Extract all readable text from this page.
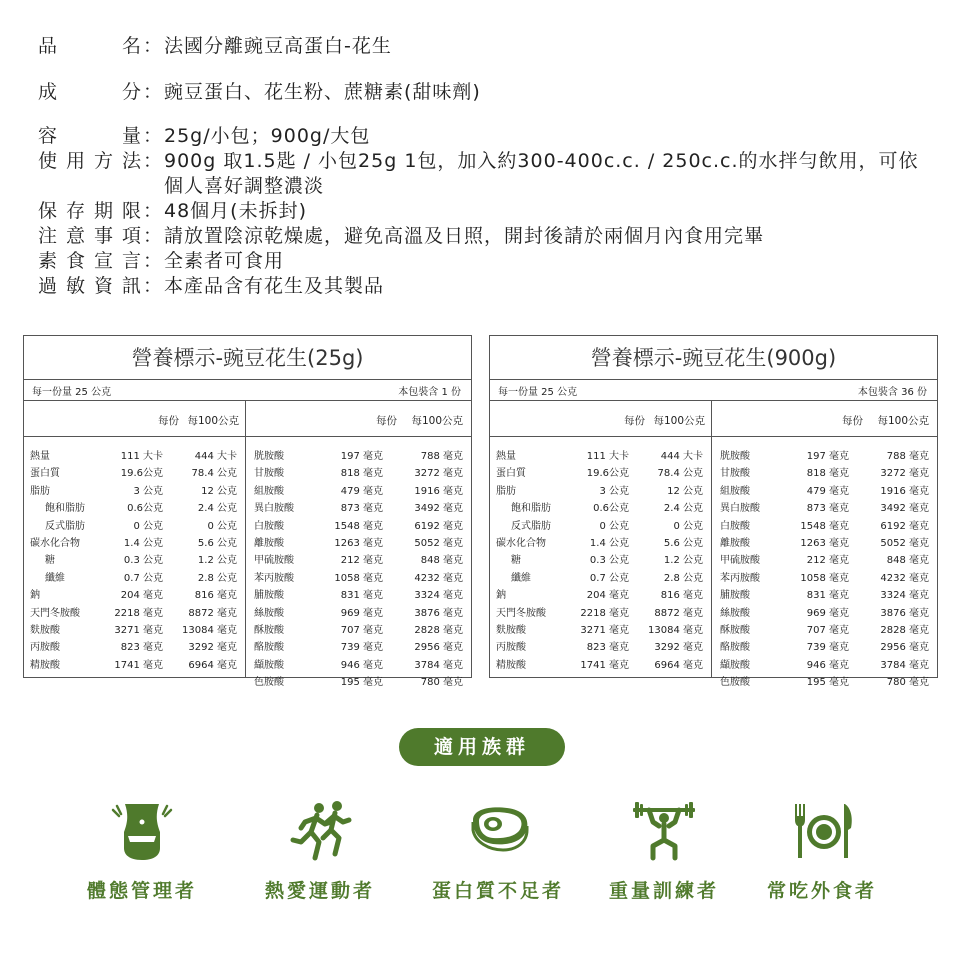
品	名 ： 法國分離豌豆高蛋白-花生
成	分 ： 豌豆蛋白、花生粉、蔗糖素(甜味劑)
容	量 ： 25g/小包；900g/大包
使 用 方 法 ： 900g 取1.5匙 / 小包25g 1包，加入約300-400c.c. / 250c.c.的水拌勻飲用，可依
個人喜好調整濃淡
保 存 期 限 ： 48個月(未拆封)
注 意 事 項 ： 請放置陰涼乾燥處，避免高溫及日照，開封後請於兩個月內食用完畢
素 食 宣 言 ： 全素者可食用
過 敏 資 訊 ： 本產品含有花生及其製品
營養標示-豌豆花生(25g)
每一份量 25 公克	本包裝含 1 份
每份 每100公克
熱量	111 大卡	444 大卡
蛋白質	19.6公克	78.4 公克
脂肪	3 公克	12 公克
飽和脂肪	0.6公克	2.4 公克
反式脂肪	0 公克	0 公克
碳水化合物	1.4 公克	5.6 公克
糖	0.3 公克	1.2 公克
纖維	0.7 公克	2.8 公克
鈉	204 毫克	816 毫克
天門冬胺酸	2218 毫克	8872 毫克
麩胺酸	3271 毫克 13084 毫克
丙胺酸	823 毫克	3292 毫克
精胺酸	1741 毫克	6964 毫克
每份 每100公克
胱胺酸	197 毫克	788 毫克
甘胺酸	818 毫克	3272 毫克
組胺酸	479 毫克	1916 毫克
異白胺酸	873 毫克	3492 毫克
白胺酸	1548 毫克	6192 毫克
離胺酸	1263 毫克	5052 毫克
甲硫胺酸	212 毫克	848 毫克
苯丙胺酸	1058 毫克	4232 毫克
脯胺酸	831 毫克	3324 毫克
絲胺酸	969 毫克	3876 毫克
酥胺酸	707 毫克	2828 毫克
酪胺酸	739 毫克	2956 毫克
纈胺酸	946 毫克	3784 毫克
色胺酸	195 毫克	780 毫克
營養標示-豌豆花生(900g)
每一份量 25 公克	本包裝含 36 份
每份 每100公克
熱量	111 大卡	444 大卡
蛋白質	19.6公克	78.4 公克
脂肪	3 公克	12 公克
飽和脂肪	0.6公克	2.4 公克
反式脂肪	0 公克	0 公克
碳水化合物	1.4 公克	5.6 公克
糖	0.3 公克	1.2 公克
纖維	0.7 公克	2.8 公克
鈉	204 毫克	816 毫克
天門冬胺酸	2218 毫克	8872 毫克
麩胺酸	3271 毫克 13084 毫克
丙胺酸	823 毫克	3292 毫克
精胺酸	1741 毫克	6964 毫克
每份 每100公克
胱胺酸	197 毫克	788 毫克
甘胺酸	818 毫克	3272 毫克
組胺酸	479 毫克	1916 毫克
異白胺酸	873 毫克	3492 毫克
白胺酸	1548 毫克	6192 毫克
離胺酸	1263 毫克	5052 毫克
甲硫胺酸	212 毫克	848 毫克
苯丙胺酸	1058 毫克	4232 毫克
脯胺酸	831 毫克	3324 毫克
絲胺酸	969 毫克	3876 毫克
酥胺酸	707 毫克	2828 毫克
酪胺酸	739 毫克	2956 毫克
纈胺酸	946 毫克	3784 毫克
色胺酸	195 毫克	780 毫克
適用族群
體態管理者	熱愛運動者	蛋白質不足者	重量訓練者	常吃外食者
